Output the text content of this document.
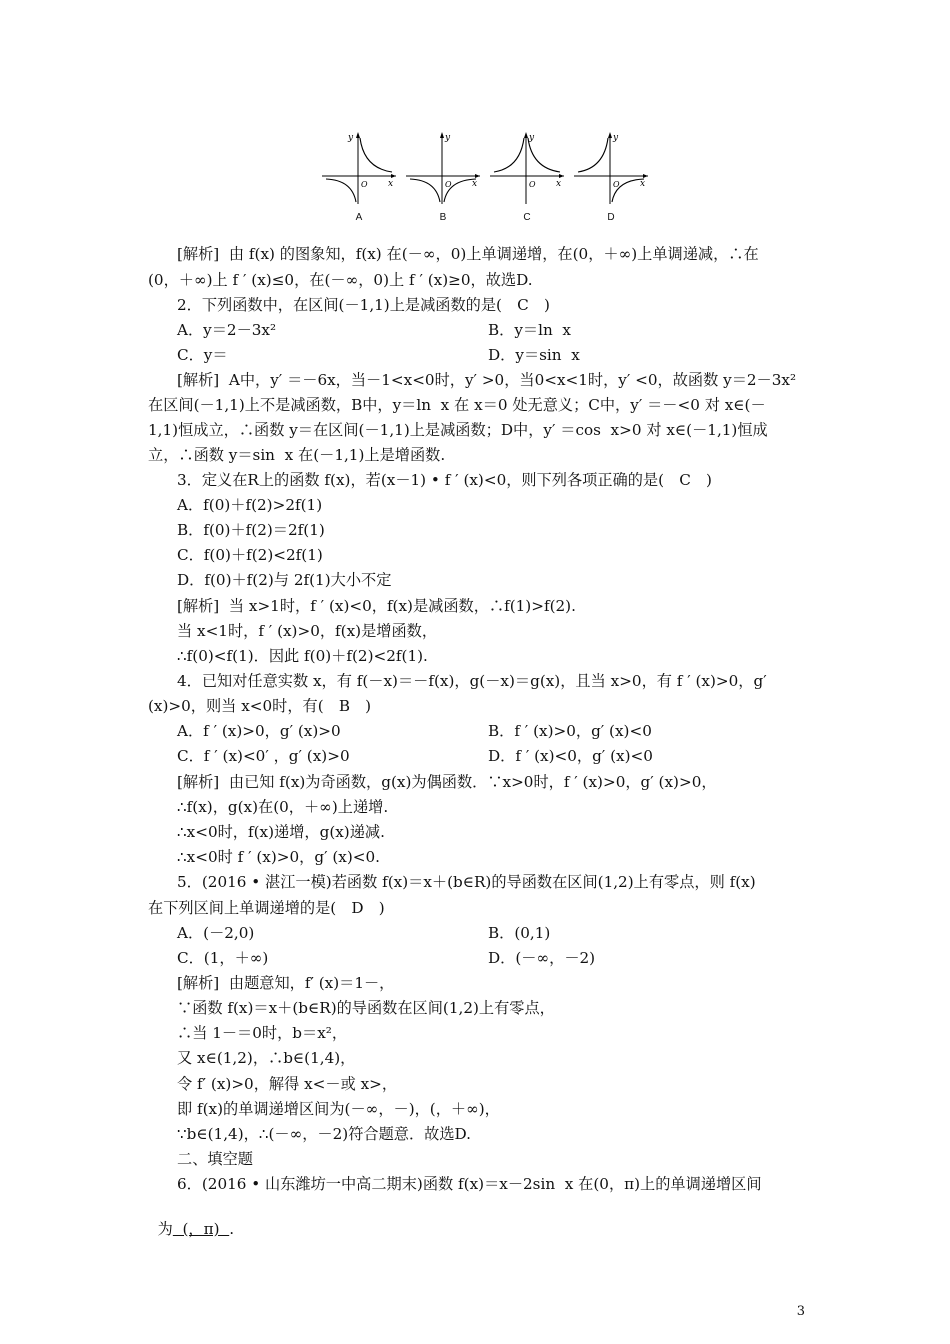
y
x
O
y
x
O
y
x
O
y
x
O
A	B	C	D
[解析]  由 f(x) 的图象知，f(x) 在(－∞，0)上单调递增，在(0，＋∞)上单调递减，∴在
(0，＋∞)上 f ′ (x)≤0，在(－∞，0)上 f ′ (x)≥0，故选D.
2．下列函数中，在区间(－1,1)上是减函数的是(　C　)
A．y＝2－3x²	B．y＝ln  x
C．y＝	D．y＝sin  x
[解析]  A中，y′ ＝－6x，当－1<x<0时，y′ >0，当0<x<1时，y′ <0，故函数 y＝2－3x²
在区间(－1,1)上不是减函数，B中，y＝ln  x 在 x＝0 处无意义；C中，y′ ＝－<0 对 x∈(－
1,1)恒成立，∴函数 y＝在区间(－1,1)上是减函数；D中，y′ ＝cos  x>0 对 x∈(－1,1)恒成
立，∴函数 y＝sin  x 在(－1,1)上是增函数.
3．定义在R上的函数 f(x)，若(x－1) • f ′ (x)<0，则下列各项正确的是(　C　)
A．f(0)＋f(2)>2f(1)
B．f(0)＋f(2)＝2f(1)
C．f(0)＋f(2)<2f(1)
D．f(0)＋f(2)与 2f(1)大小不定
[解析]  当 x>1时，f ′ (x)<0，f(x)是减函数，∴f(1)>f(2).
当 x<1时，f ′ (x)>0，f(x)是增函数，
∴f(0)<f(1)．因此 f(0)＋f(2)<2f(1).
4．已知对任意实数 x，有 f(－x)＝－f(x)，g(－x)＝g(x)，且当 x>0，有 f ′ (x)>0，g′
(x)>0，则当 x<0时，有(　B　)
A．f ′ (x)>0，g′ (x)>0	B．f ′ (x)>0，g′ (x)<0
C．f ′ (x)<0′ ，g′ (x)>0	D．f ′ (x)<0，g′ (x)<0
[解析]  由已知 f(x)为奇函数，g(x)为偶函数．∵x>0时，f ′ (x)>0，g′ (x)>0，
∴f(x)，g(x)在(0，＋∞)上递增.
∴x<0时，f(x)递增，g(x)递减.
∴x<0时 f ′ (x)>0，g′ (x)<0.
5．(2016 • 湛江一模)若函数 f(x)＝x＋(b∈R)的导函数在区间(1,2)上有零点，则 f(x)
在下列区间上单调递增的是(　D　)
A．(－2,0)	B．(0,1)
C．(1，＋∞)	D．(－∞，－2)
[解析]  由题意知，f′ (x)＝1－，
∵函数 f(x)＝x＋(b∈R)的导函数在区间(1,2)上有零点，
∴当 1－＝0时，b＝x²，
又 x∈(1,2)，∴b∈(1,4)，
令 f′ (x)>0，解得 x<－或 x>，
即 f(x)的单调递增区间为(－∞，－)，(，＋∞)，
∵b∈(1,4)，∴(－∞，－2)符合题意．故选D.
二、填空题
6．(2016 • 山东潍坊一中高二期末)函数 f(x)＝x－2sin  x 在(0，π)上的单调递增区间

为  (，π)  .

3
